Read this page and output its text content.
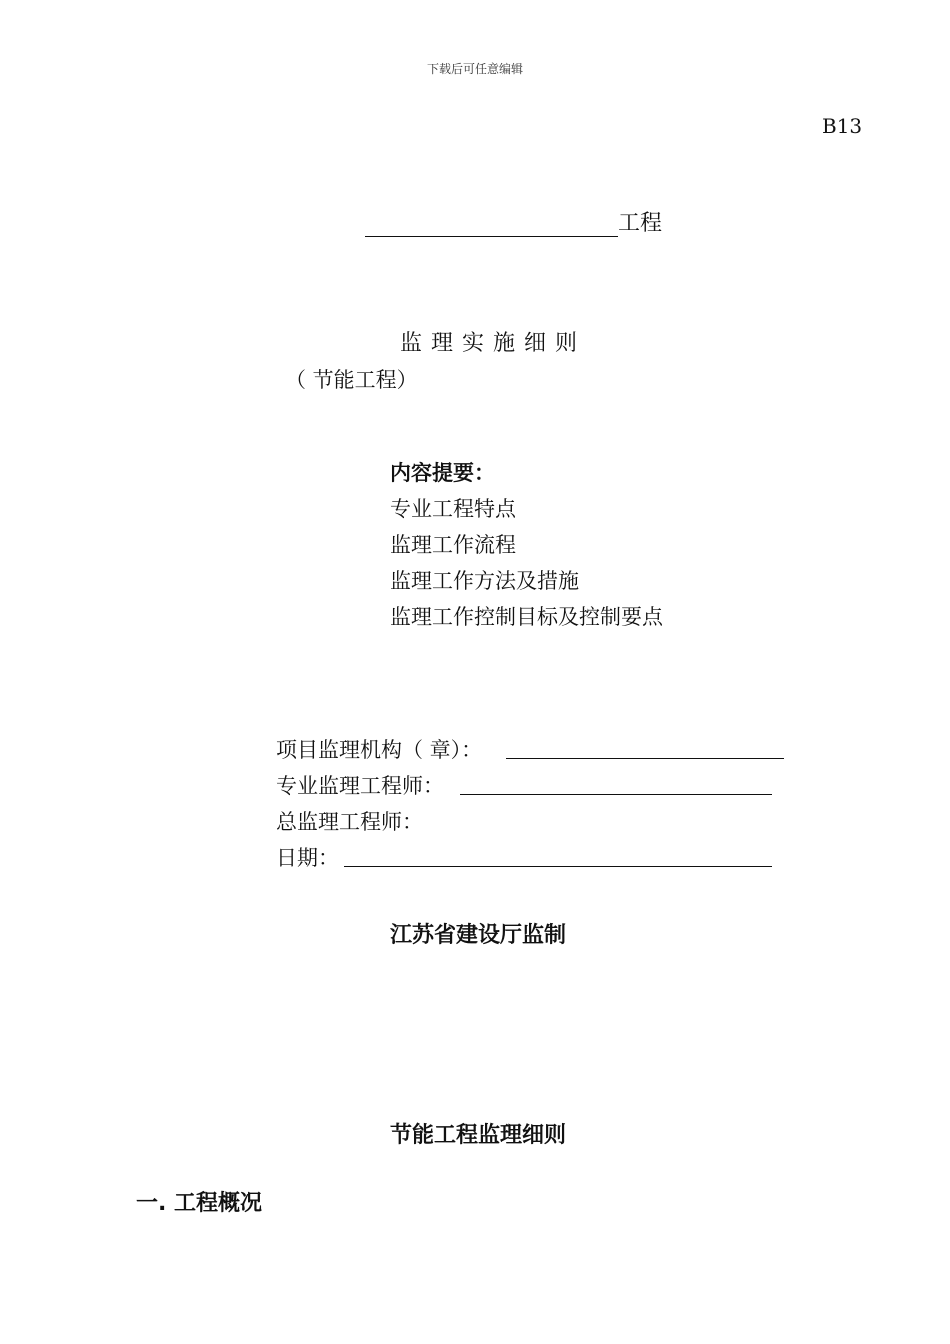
下载后可任意编辑
B13
工程
监理实施细则
（ 节能工程）
内容提要：
专业工程特点
监理工作流程
监理工作方法及措施
监理工作控制目标及控制要点
项目监理机构（ 章）：
专业监理工程师：
总监理工程师：
日期：
江苏省建设厅监制
节能工程监理细则
一. 工程概况
